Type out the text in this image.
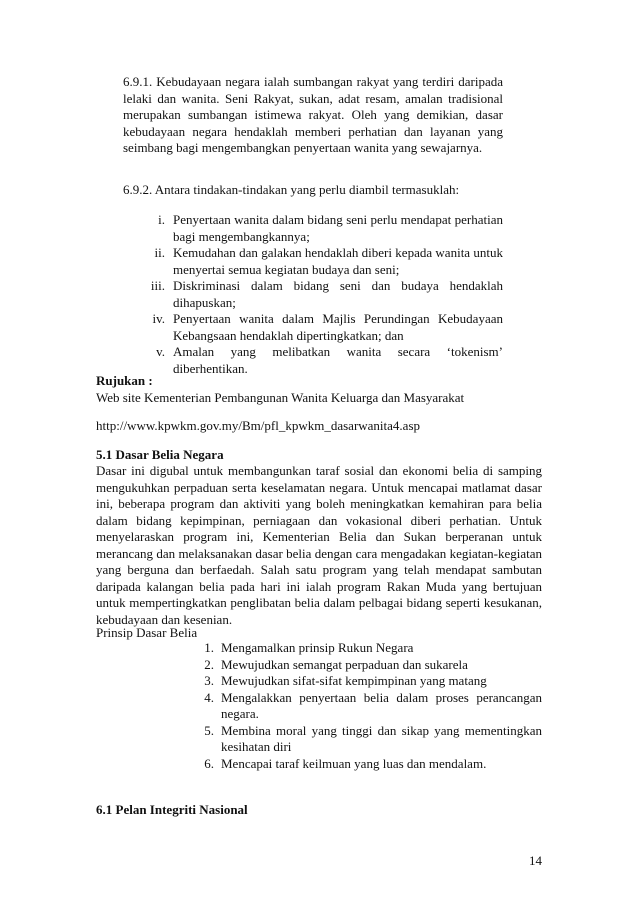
6.9.1. Kebudayaan negara ialah sumbangan rakyat yang terdiri daripada lelaki dan wanita. Seni Rakyat, sukan, adat resam, amalan tradisional merupakan sumbangan istimewa rakyat. Oleh yang demikian, dasar kebudayaan negara hendaklah memberi perhatian dan layanan yang seimbang bagi mengembangkan penyertaan wanita yang sewajarnya.

6.9.2. Antara tindakan-tindakan yang perlu diambil termasuklah:

i. Penyertaan wanita dalam bidang seni perlu mendapat perhatian bagi mengembangkannya;
ii. Kemudahan dan galakan hendaklah diberi kepada wanita untuk menyertai semua kegiatan budaya dan seni;
iii. Diskriminasi dalam bidang seni dan budaya hendaklah dihapuskan;
iv. Penyertaan wanita dalam Majlis Perundingan Kebudayaan Kebangsaan hendaklah dipertingkatkan; dan
v. Amalan yang melibatkan wanita secara ‘tokenism’ diberhentikan.

Rujukan :

Web site Kementerian Pembangunan Wanita Keluarga dan Masyarakat

http://www.kpwkm.gov.my/Bm/pfl_kpwkm_dasarwanita4.asp

5.1 Dasar Belia Negara

Dasar ini digubal untuk membangunkan taraf sosial dan ekonomi belia di samping mengukuhkan perpaduan serta keselamatan negara. Untuk mencapai matlamat dasar ini, beberapa program dan aktiviti yang boleh meningkatkan kemahiran para belia dalam bidang kepimpinan, perniagaan dan vokasional diberi perhatian. Untuk menyelaraskan program ini, Kementerian Belia dan Sukan berperanan untuk merancang dan melaksanakan dasar belia dengan cara mengadakan kegiatan-kegiatan yang berguna dan berfaedah. Salah satu program yang telah mendapat sambutan daripada kalangan belia pada hari ini ialah program Rakan Muda yang bertujuan untuk mempertingkatkan penglibatan belia dalam pelbagai bidang seperti kesukanan, kebudayaan dan kesenian.

Prinsip Dasar Belia

1. Mengamalkan prinsip Rukun Negara
2. Mewujudkan semangat perpaduan dan sukarela
3. Mewujudkan sifat-sifat kempimpinan yang matang
4. Mengalakkan penyertaan belia dalam proses perancangan negara.
5. Membina moral yang tinggi dan sikap yang mementingkan kesihatan diri
6. Mencapai taraf keilmuan yang luas dan mendalam.

6.1 Pelan Integriti Nasional

14
